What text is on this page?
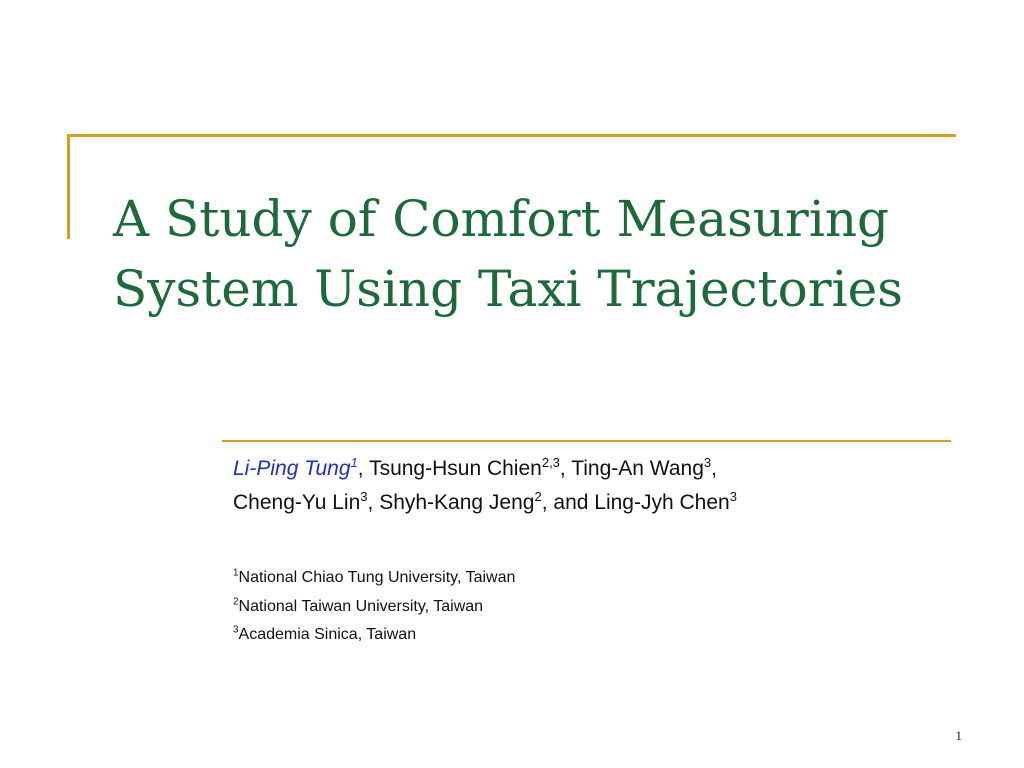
A Study of Comfort Measuring
System Using Taxi Trajectories
Li-Ping Tung$^1$, Tsung-Hsun Chien$^{2,3}$, Ting-An Wang$^3$,
Cheng-Yu Lin$^3$, Shyh-Kang Jeng$^2$, and Ling-Jyh Chen$^3$
$^1$National Chiao Tung University, Taiwan
$^2$National Taiwan University, Taiwan
$^3$Academia Sinica, Taiwan
1
